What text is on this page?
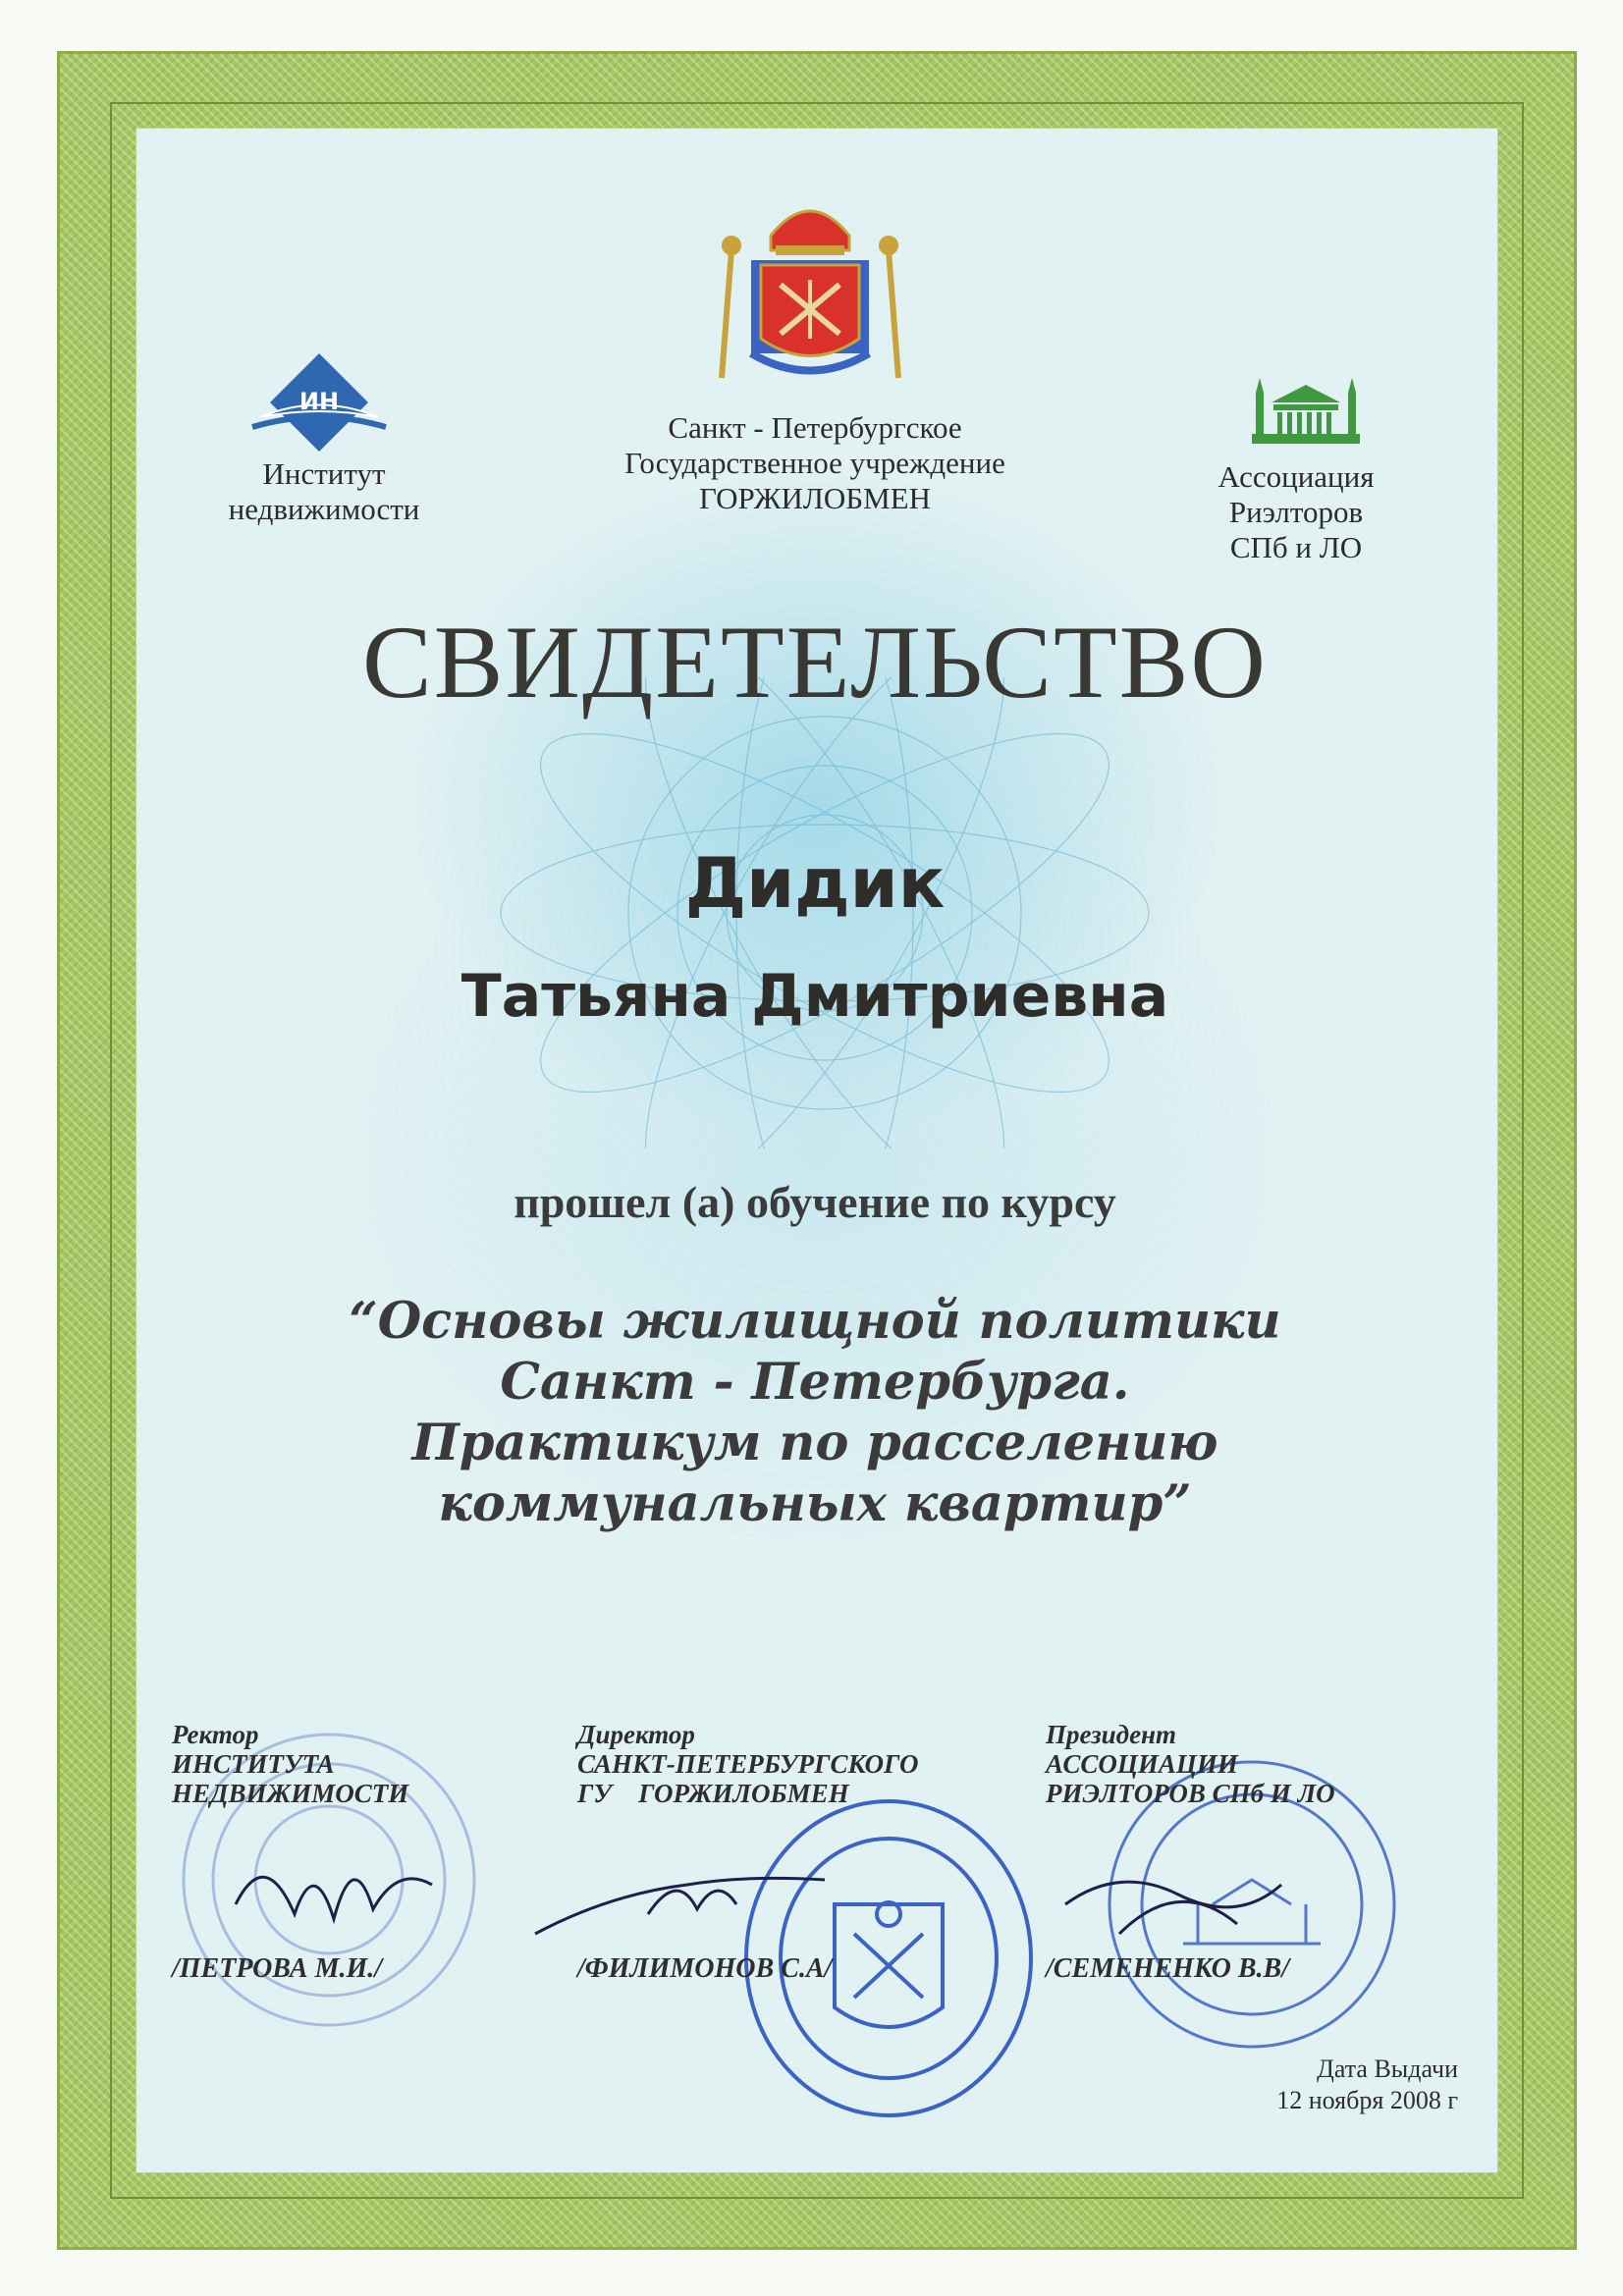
ИН
Институт
недвижимости
Санкт - Петербургское
Государственное учреждение
ГОРЖИЛОБМЕН
Ассоциация
Риэлторов
СПб и ЛО
СВИДЕТЕЛЬСТВО
Дидик
Татьяна Дмитриевна
прошел (а) обучение по курсу
“Основы жилищной политики
Санкт - Петербурга.
Практикум по расселению
коммунальных квартир”
Ректор
ИНСТИТУТА
НЕДВИЖИМОСТИ
/ПЕТРОВА М.И./
Директор
САНКТ-ПЕТЕРБУРГСКОГО
ГУ    ГОРЖИЛОБМЕН
/ФИЛИМОНОВ С.А/
Президент
АССОЦИАЦИИ
РИЭЛТОРОВ СПб И ЛО
/СЕМЕНЕНКО В.В/
Дата Выдачи
12 ноября 2008 г
